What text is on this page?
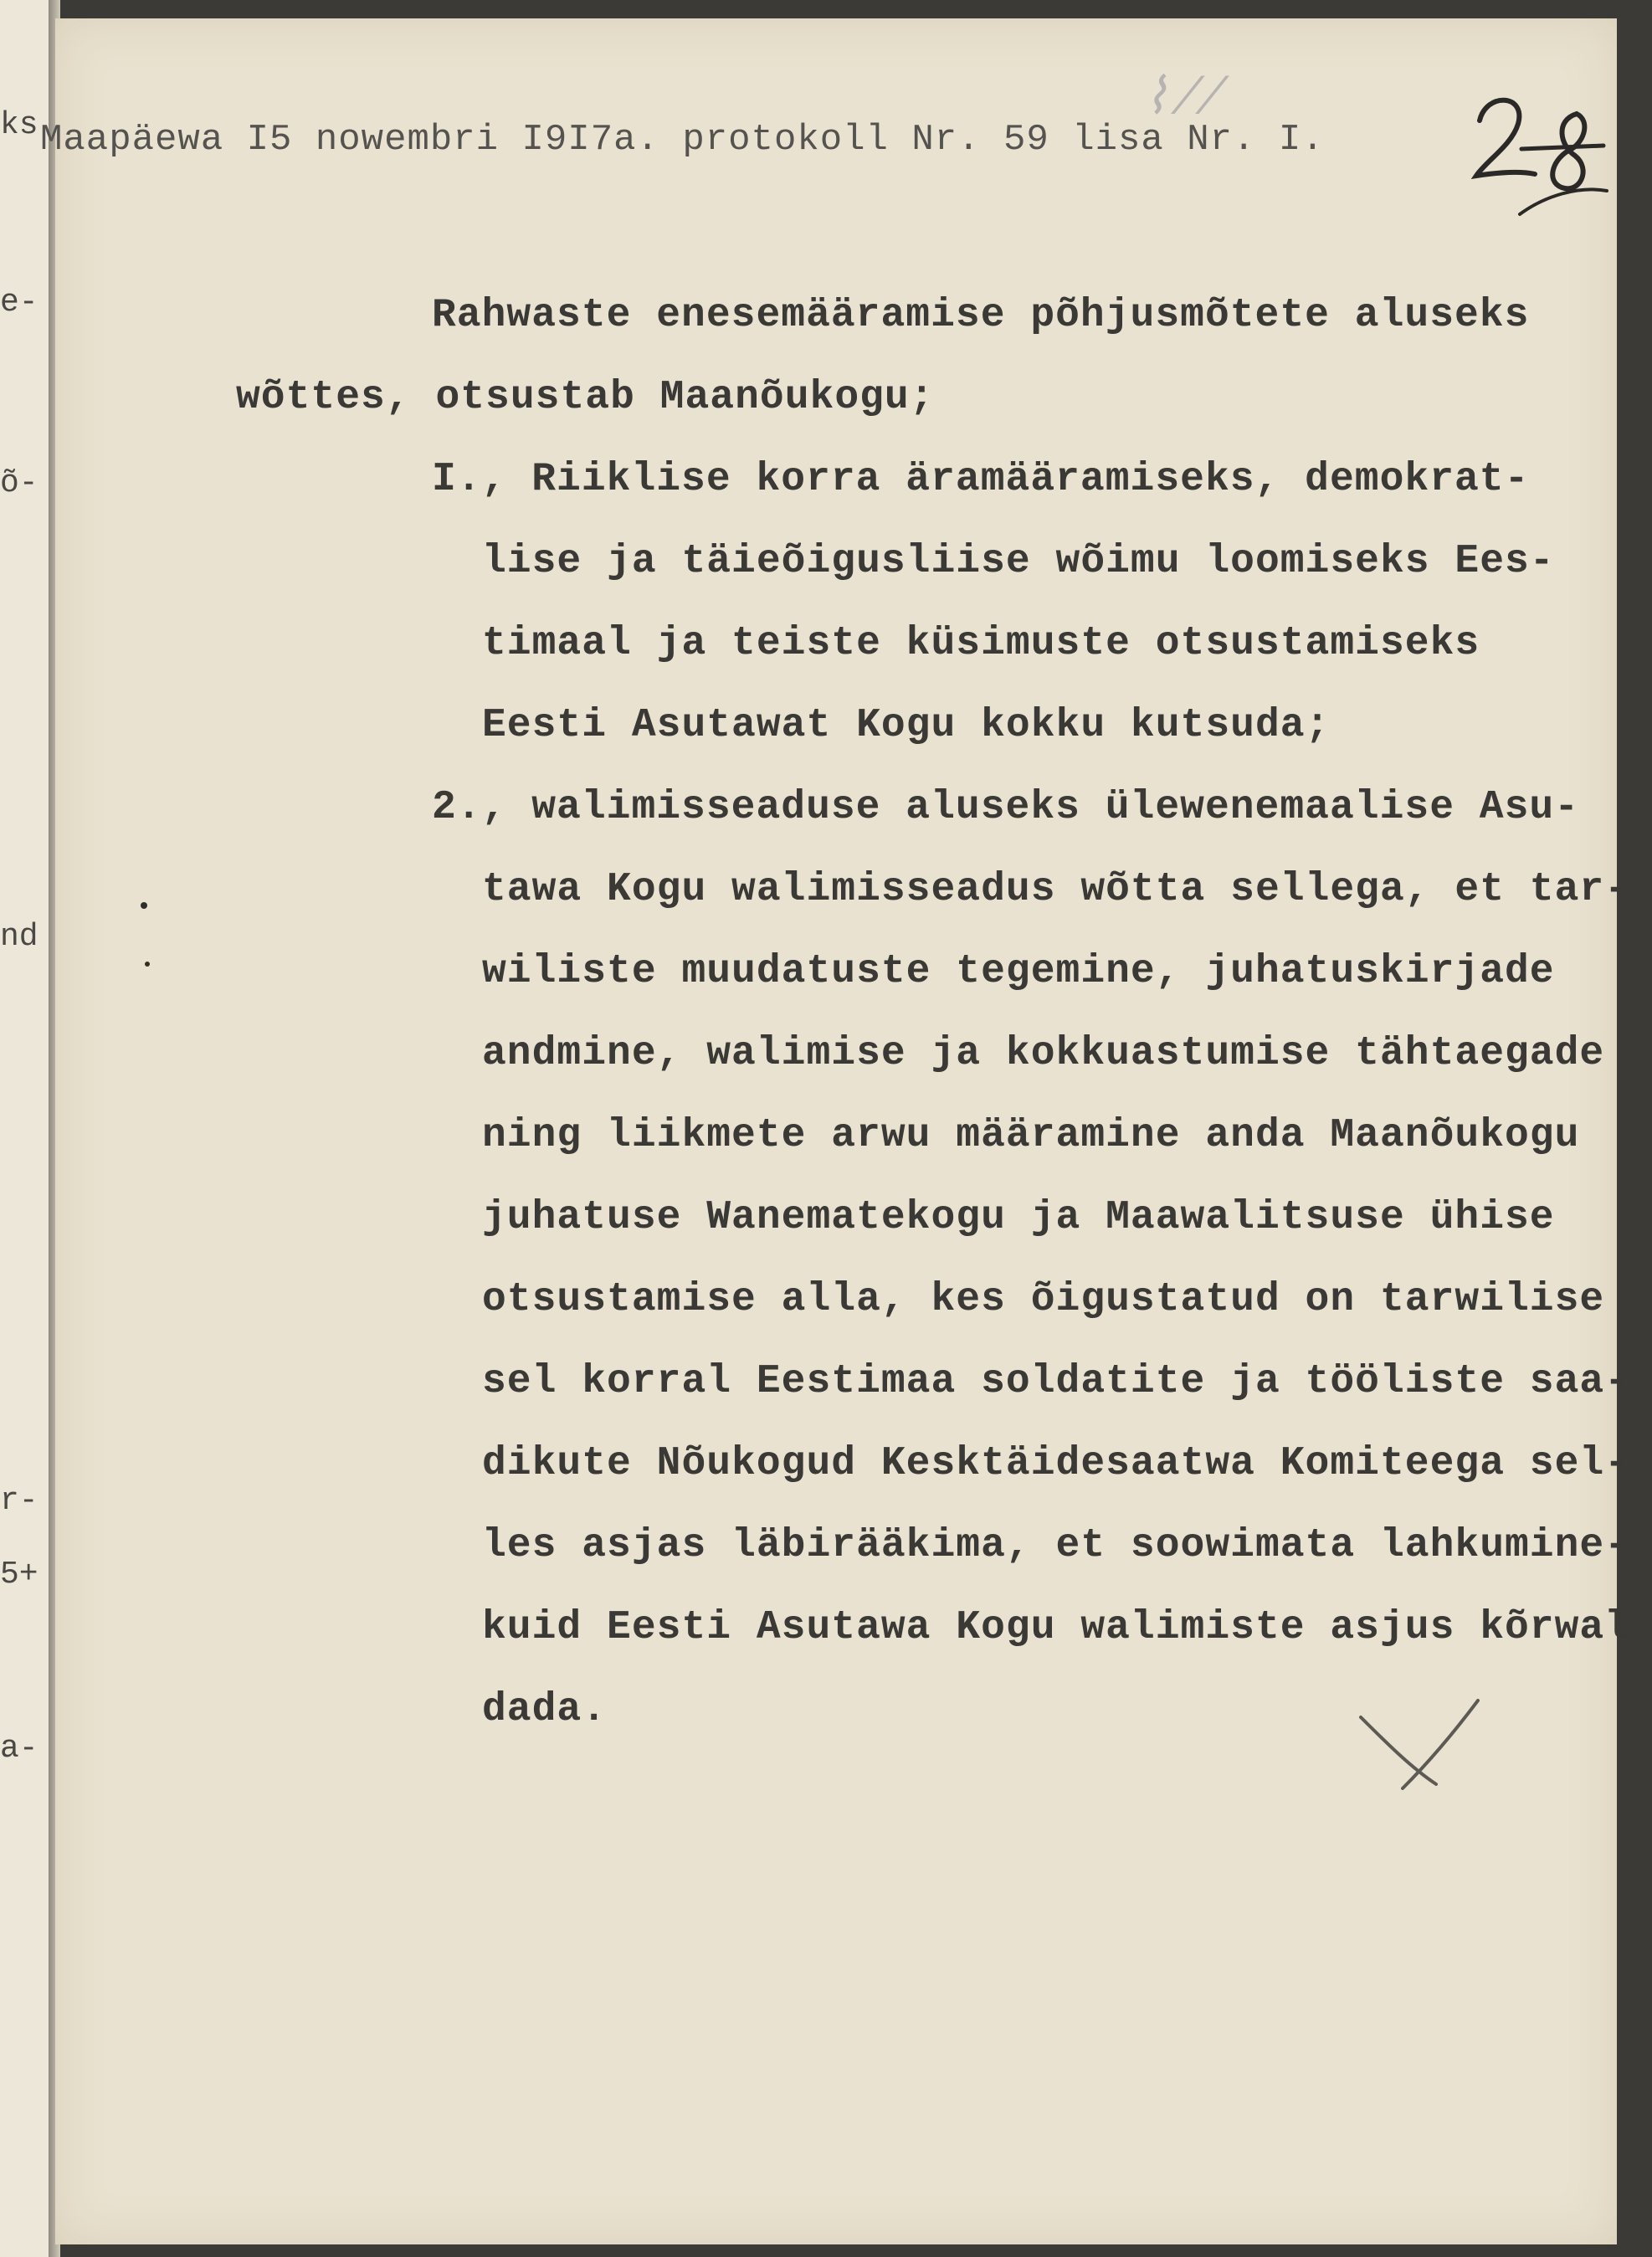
ks
e-
õ-
nd
r-
5+
a-
Maapäewa I5 nowembri I9I7a. protokoll Nr. 59 lisa Nr. I.
⌇ ⁄ ⁄
Rahwaste enesemääramise põhjusmõtete aluseks
wõttes, otsustab Maanõukogu;
I., Riiklise korra äramääramiseks, demokrat-
lise ja täieõigusliise wõimu loomiseks Ees-
timaal ja teiste küsimuste otsustamiseks
Eesti Asutawat Kogu kokku kutsuda;
2., walimisseaduse aluseks ülewenemaalise Asu-
tawa Kogu walimisseadus wõtta sellega, et tar-
wiliste muudatuste tegemine, juhatuskirjade
andmine, walimise ja kokkuastumise tähtaegade
ning liikmete arwu määramine anda Maanõukogu
juhatuse Wanematekogu ja Maawalitsuse ühise
otsustamise alla, kes õigustatud on tarwilise
sel korral Eestimaa soldatite ja tööliste saa-
dikute Nõukogud Kesktäidesaatwa Komiteega sel-
les asjas läbirääkima, et soowimata lahkumine-
kuid Eesti Asutawa Kogu walimiste asjus kõrwal
dada.
